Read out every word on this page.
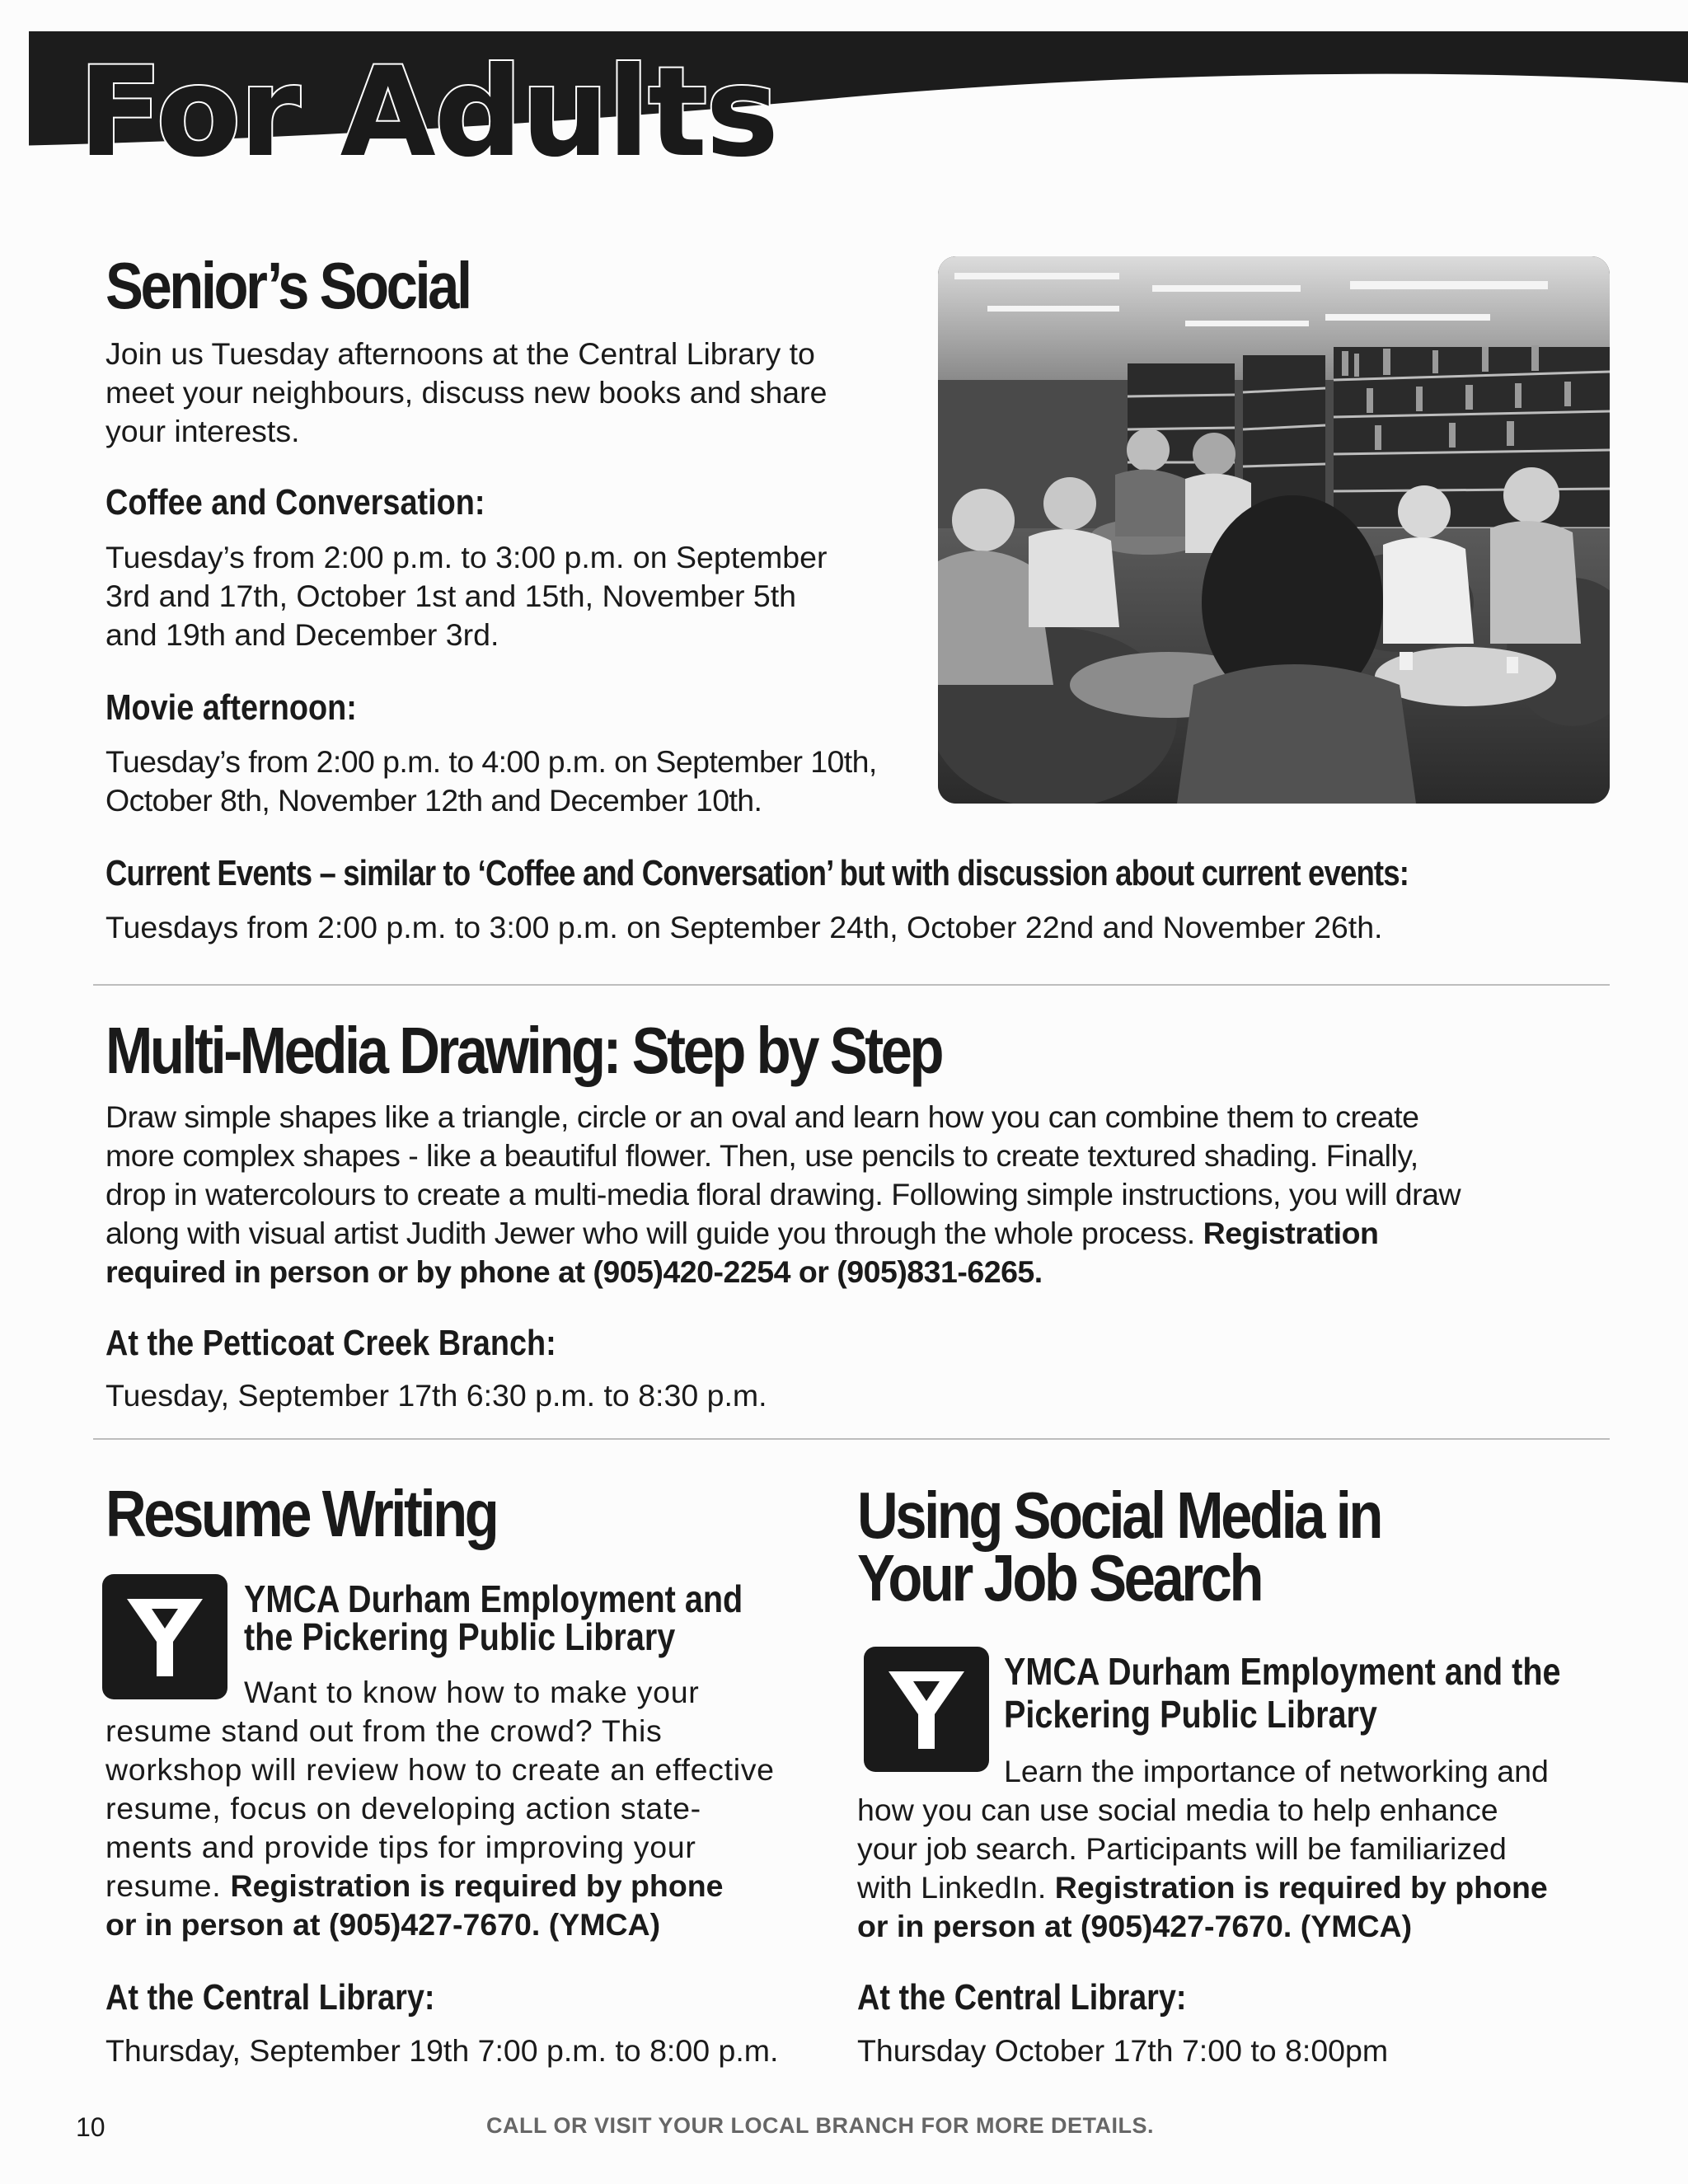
For Adults
Senior’s Social
Join us Tuesday afternoons at the Central Library to
meet your neighbours, discuss new books and share
your interests.
Coffee and Conversation:
Tuesday’s from 2:00 p.m. to 3:00 p.m. on September
3rd and 17th, October 1st and 15th, November 5th
and 19th and December 3rd.
Movie afternoon:
Tuesday’s from 2:00 p.m. to 4:00 p.m. on September 10th,
October 8th, November 12th and December 10th.
Current Events – similar to ‘Coffee and Conversation’ but with discussion about current events:
Tuesdays from 2:00 p.m. to 3:00 p.m. on September 24th, October 22nd and November 26th.
Multi-Media Drawing: Step by Step
Draw simple shapes like a triangle, circle or an oval and learn how you can combine them to create
more complex shapes - like a beautiful flower. Then, use pencils to create textured shading. Finally,
drop in watercolours to create a multi-media floral drawing. Following simple instructions, you will draw
along with visual artist Judith Jewer who will guide you through the whole process. Registration
required in person or by phone at (905)420-2254 or (905)831-6265.
At the Petticoat Creek Branch:
Tuesday, September 17th 6:30 p.m. to 8:30 p.m.
Resume Writing
YMCA Durham Employment and
the Pickering Public Library
Want to know how to make your
resume stand out from the crowd? This
workshop will review how to create an effective
resume, focus on developing action state-
ments and provide tips for improving your
resume. Registration is required by phone
or in person at (905)427-7670. (YMCA)
At the Central Library:
Thursday, September 19th 7:00 p.m. to 8:00 p.m.
Using Social Media in
Your Job Search
YMCA Durham Employment and the
Pickering Public Library
Learn the importance of networking and
how you can use social media to help enhance
your job search. Participants will be familiarized
with LinkedIn. Registration is required by phone
or in person at (905)427-7670. (YMCA)
At the Central Library:
Thursday October 17th 7:00 to 8:00pm
10	CALL OR VISIT YOUR LOCAL BRANCH FOR MORE DETAILS.
